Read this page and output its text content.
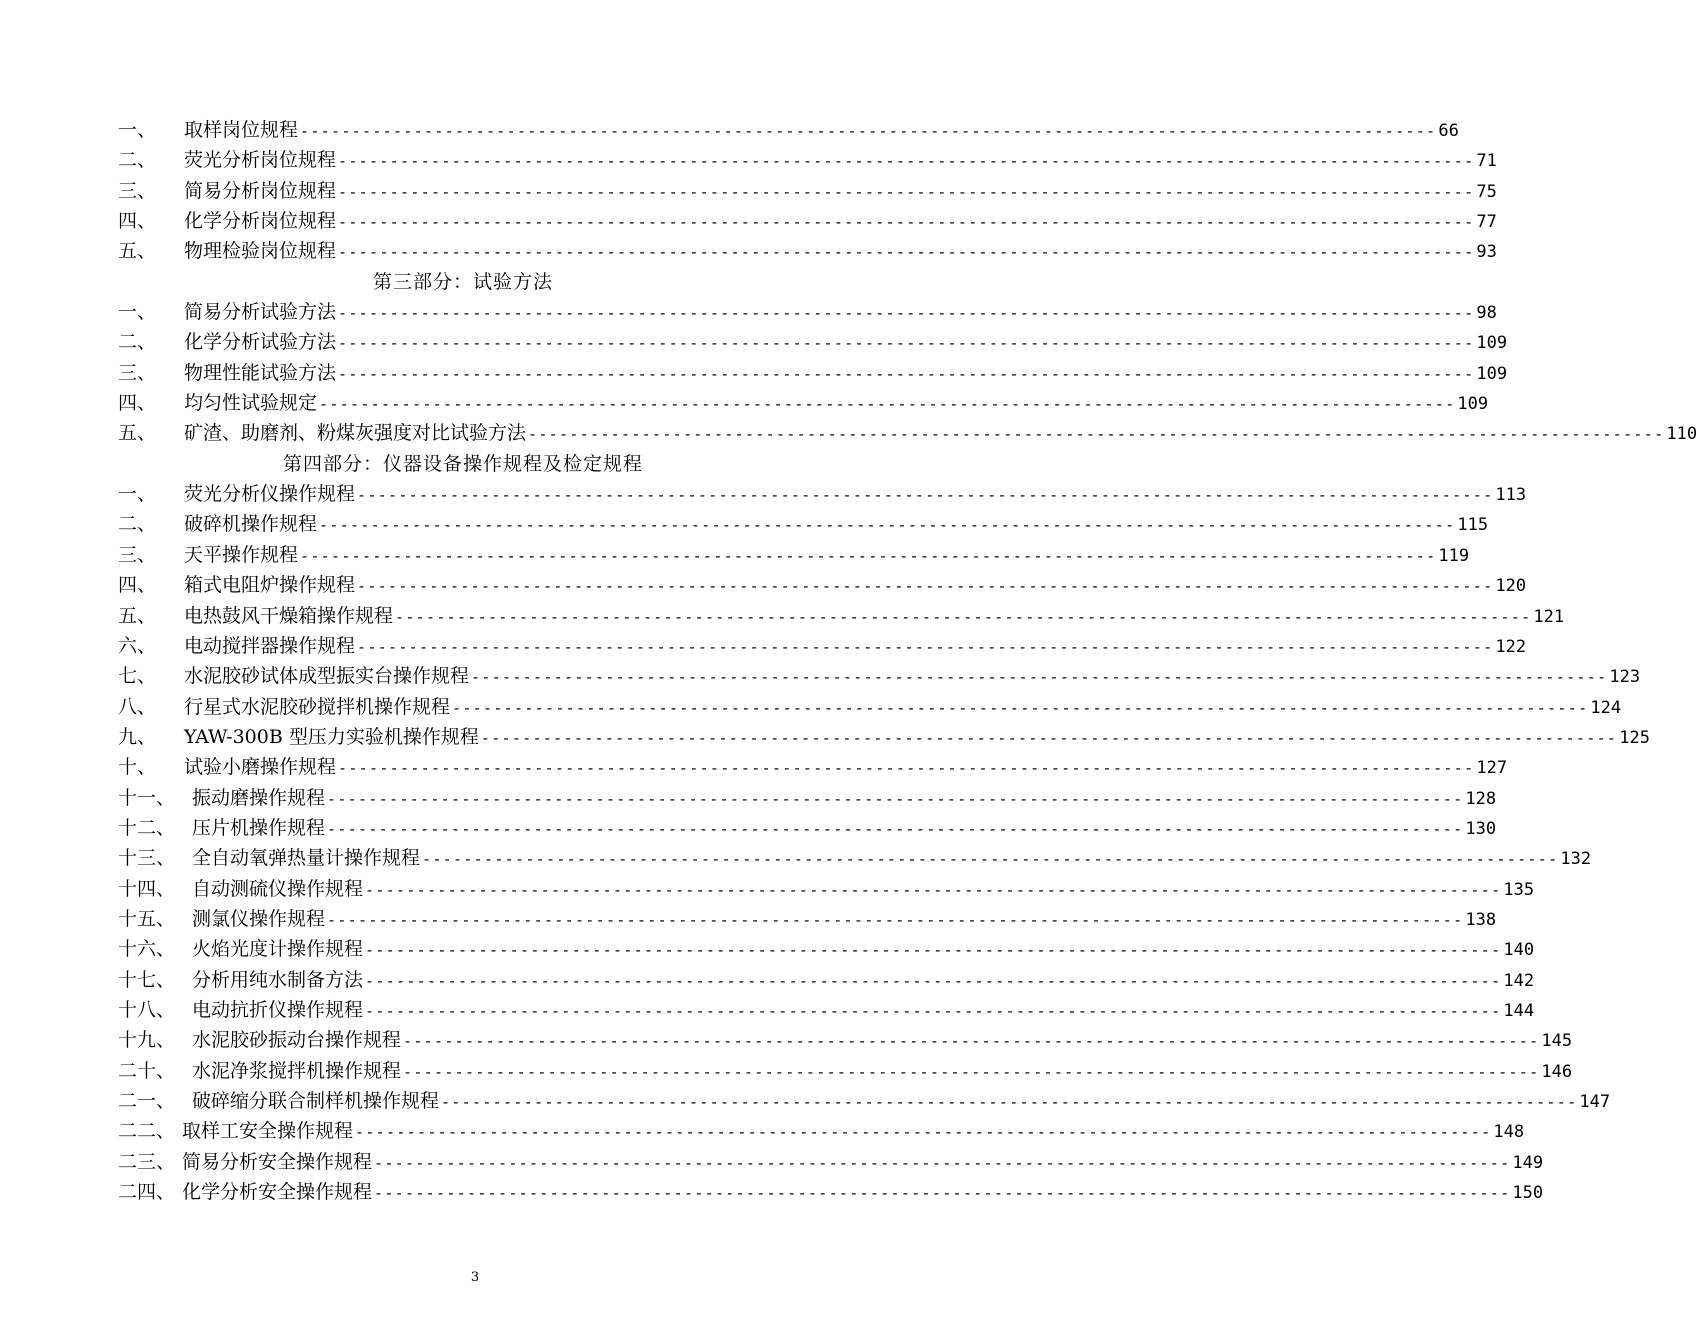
一、	取样岗位规程 -------------------------------------------------------------------------------------------------------------- 66
二、	荧光分析岗位规程 -------------------------------------------------------------------------------------------------------------- 71
三、	简易分析岗位规程 -------------------------------------------------------------------------------------------------------------- 75
四、	化学分析岗位规程 -------------------------------------------------------------------------------------------------------------- 77
五、	物理检验岗位规程 -------------------------------------------------------------------------------------------------------------- 93
第三部分：试验方法
一、	简易分析试验方法 -------------------------------------------------------------------------------------------------------------- 98
二、	化学分析试验方法 -------------------------------------------------------------------------------------------------------------- 109
三、	物理性能试验方法 -------------------------------------------------------------------------------------------------------------- 109
四、	均匀性试验规定 -------------------------------------------------------------------------------------------------------------- 109
五、	矿渣、助磨剂、粉煤灰强度对比试验方法 -------------------------------------------------------------------------------------------------------------- 110
第四部分：仪器设备操作规程及检定规程
一、	荧光分析仪操作规程 -------------------------------------------------------------------------------------------------------------- 113
二、	破碎机操作规程 -------------------------------------------------------------------------------------------------------------- 115
三、	天平操作规程 -------------------------------------------------------------------------------------------------------------- 119
四、	箱式电阻炉操作规程 -------------------------------------------------------------------------------------------------------------- 120
五、	电热鼓风干燥箱操作规程 -------------------------------------------------------------------------------------------------------------- 121
六、	电动搅拌器操作规程 -------------------------------------------------------------------------------------------------------------- 122
七、	水泥胶砂试体成型振实台操作规程 -------------------------------------------------------------------------------------------------------------- 123
八、	行星式水泥胶砂搅拌机操作规程 -------------------------------------------------------------------------------------------------------------- 124
九、	YAW-300B 型压力实验机操作规程 -------------------------------------------------------------------------------------------------------------- 125
十、	试验小磨操作规程 -------------------------------------------------------------------------------------------------------------- 127
十一、 振动磨操作规程 -------------------------------------------------------------------------------------------------------------- 128
十二、 压片机操作规程 -------------------------------------------------------------------------------------------------------------- 130
十三、 全自动氧弹热量计操作规程 -------------------------------------------------------------------------------------------------------------- 132
十四、 自动测硫仪操作规程 -------------------------------------------------------------------------------------------------------------- 135
十五、 测氯仪操作规程 -------------------------------------------------------------------------------------------------------------- 138
十六、 火焰光度计操作规程 -------------------------------------------------------------------------------------------------------------- 140
十七、 分析用纯水制备方法 -------------------------------------------------------------------------------------------------------------- 142
十八、 电动抗折仪操作规程 -------------------------------------------------------------------------------------------------------------- 144
十九、 水泥胶砂振动台操作规程 -------------------------------------------------------------------------------------------------------------- 145
二十、 水泥净浆搅拌机操作规程 -------------------------------------------------------------------------------------------------------------- 146
二一、 破碎缩分联合制样机操作规程 -------------------------------------------------------------------------------------------------------------- 147
二二、 取样工安全操作规程 -------------------------------------------------------------------------------------------------------------- 148
二三、 简易分析安全操作规程 -------------------------------------------------------------------------------------------------------------- 149
二四、 化学分析安全操作规程 -------------------------------------------------------------------------------------------------------------- 150
3
